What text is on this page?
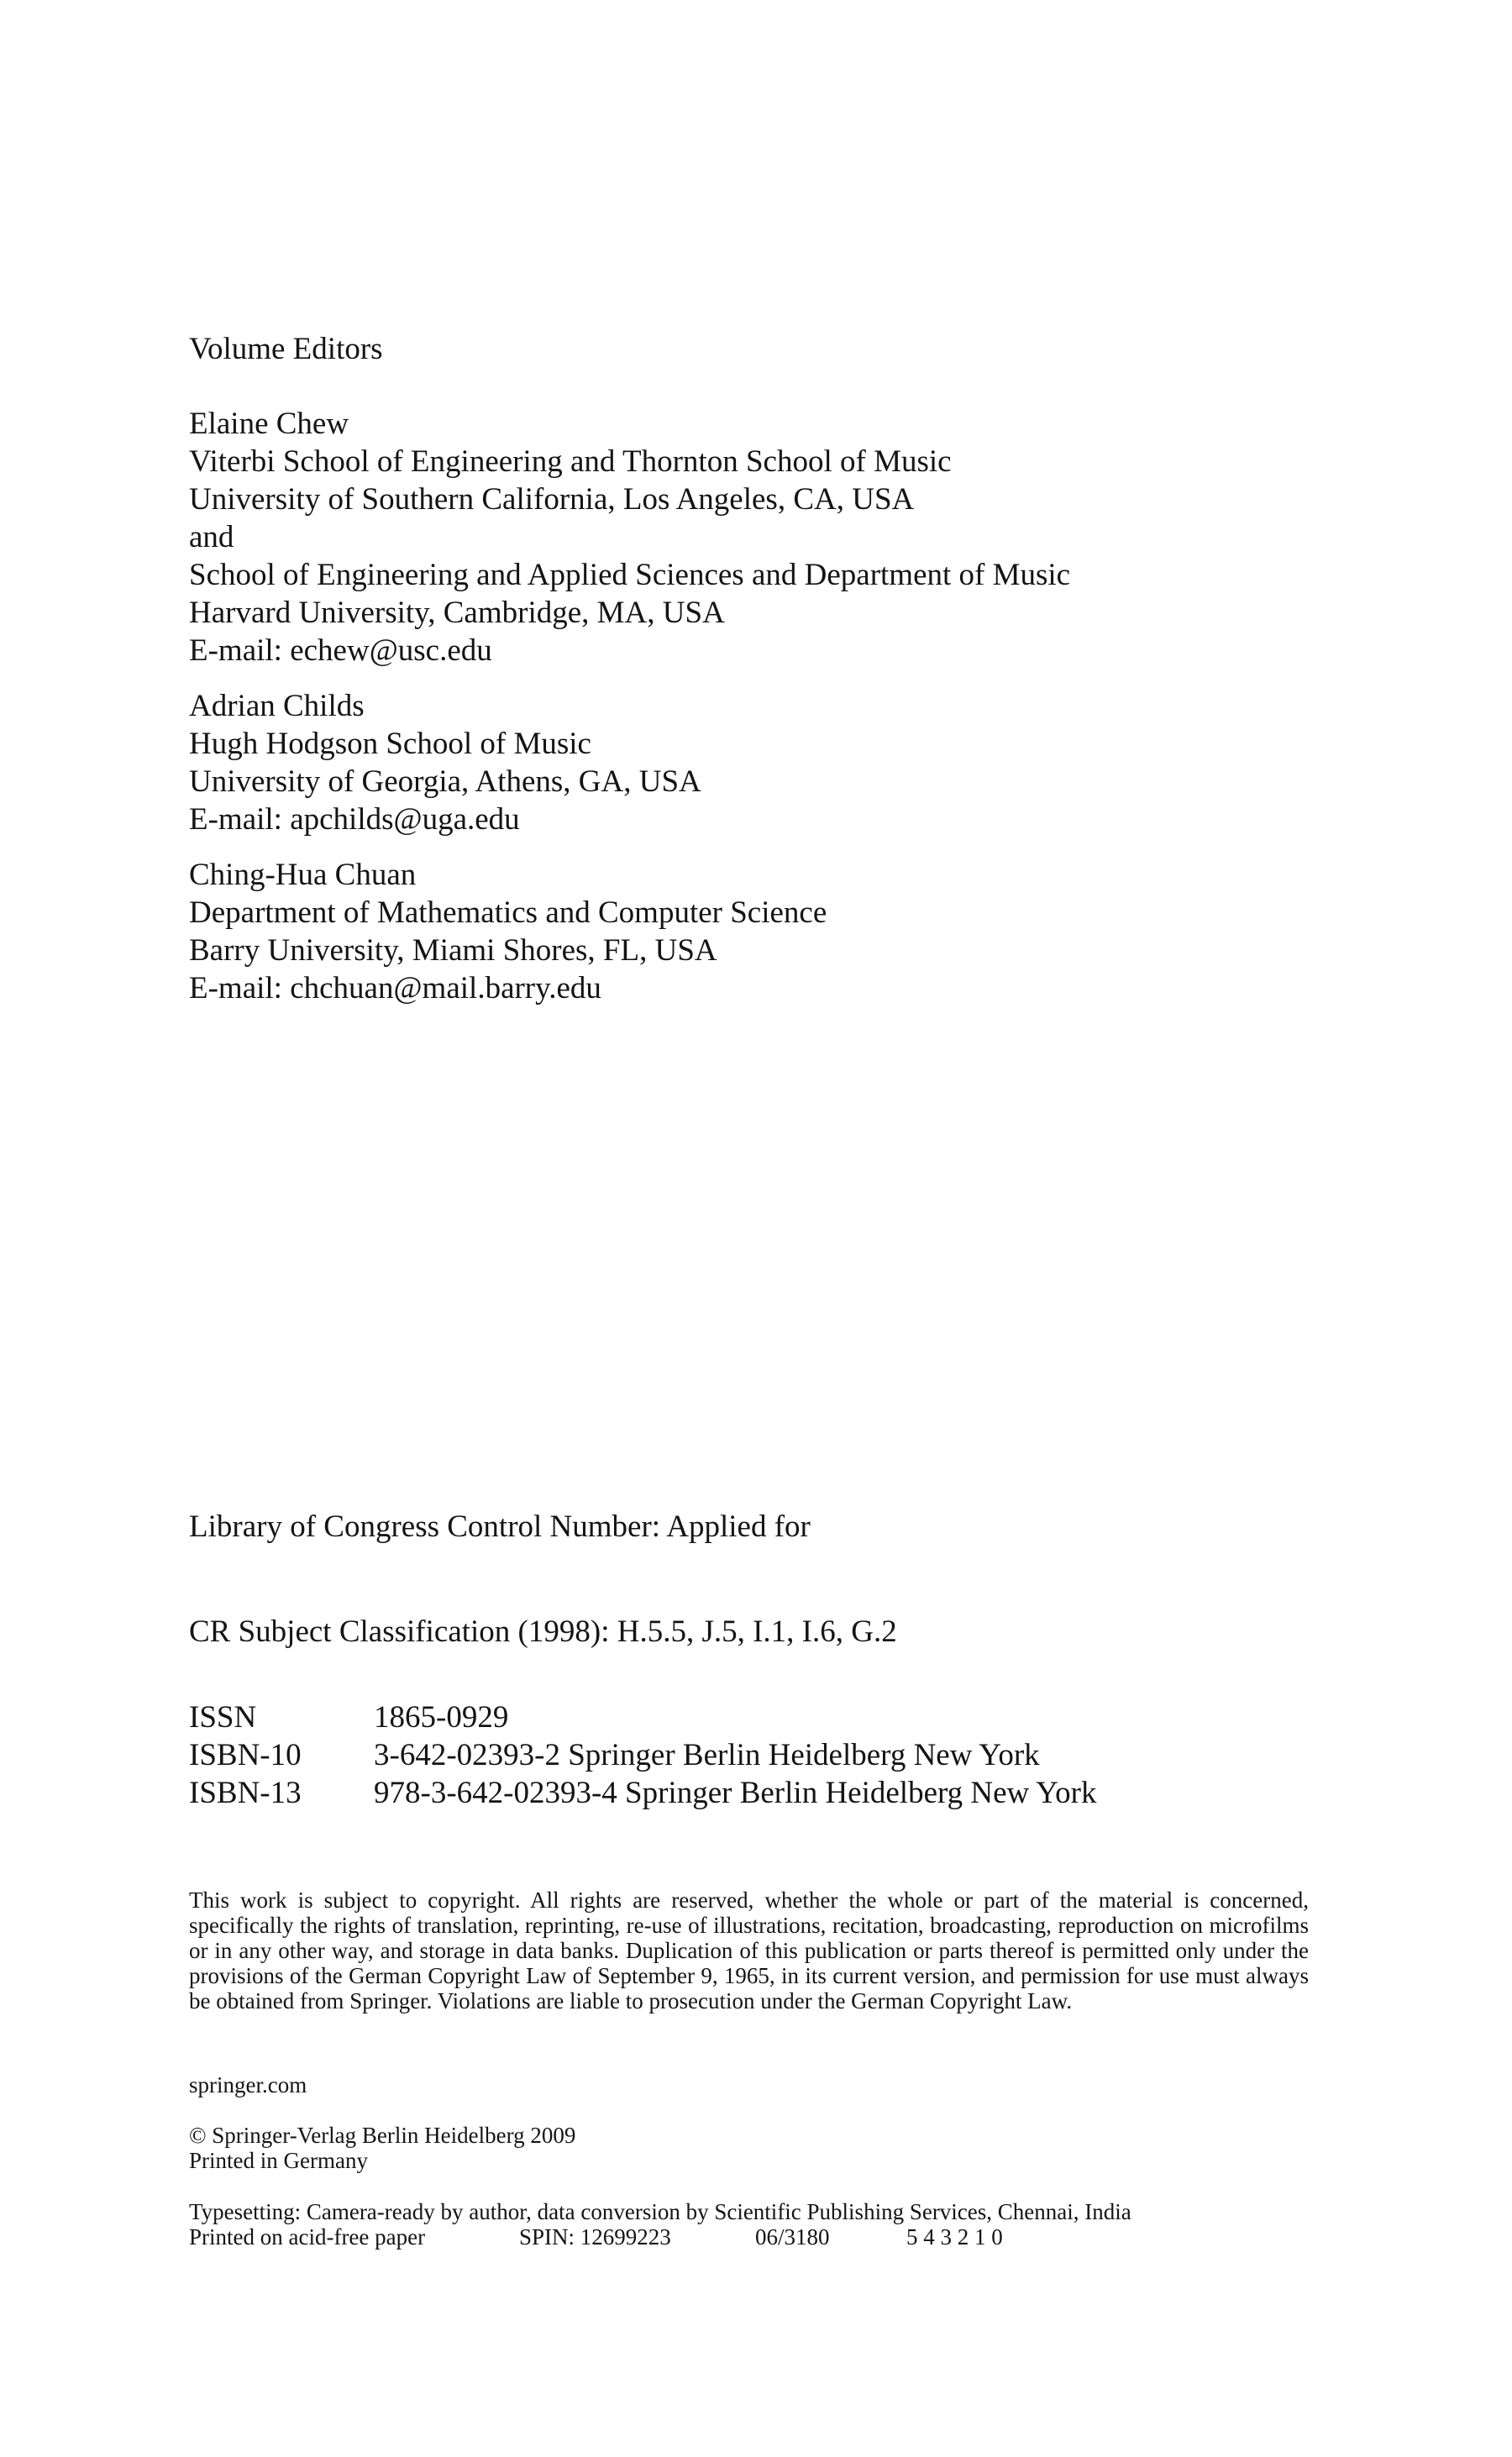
Volume Editors
Elaine Chew
Viterbi School of Engineering and Thornton School of Music
University of Southern California, Los Angeles, CA, USA
and
School of Engineering and Applied Sciences and Department of Music
Harvard University, Cambridge, MA, USA
E-mail: echew@usc.edu
Adrian Childs
Hugh Hodgson School of Music
University of Georgia, Athens, GA, USA
E-mail: apchilds@uga.edu
Ching-Hua Chuan
Department of Mathematics and Computer Science
Barry University, Miami Shores, FL, USA
E-mail: chchuan@mail.barry.edu
Library of Congress Control Number: Applied for
CR Subject Classification (1998): H.5.5, J.5, I.1, I.6, G.2
ISSN	1865-0929
ISBN-10	3-642-02393-2 Springer Berlin Heidelberg New York
ISBN-13	978-3-642-02393-4 Springer Berlin Heidelberg New York
This work is subject to copyright. All rights are reserved, whether the whole or part of the material is concerned, specifically the rights of translation, reprinting, re-use of illustrations, recitation, broadcasting, reproduction on microfilms or in any other way, and storage in data banks. Duplication of this publication or parts thereof is permitted only under the provisions of the German Copyright Law of September 9, 1965, in its current version, and permission for use must always be obtained from Springer. Violations are liable to prosecution under the German Copyright Law.
springer.com
© Springer-Verlag Berlin Heidelberg 2009
Printed in Germany
Typesetting: Camera-ready by author, data conversion by Scientific Publishing Services, Chennai, India
Printed on acid-free paper	SPIN: 12699223	06/3180	5 4 3 2 1 0
